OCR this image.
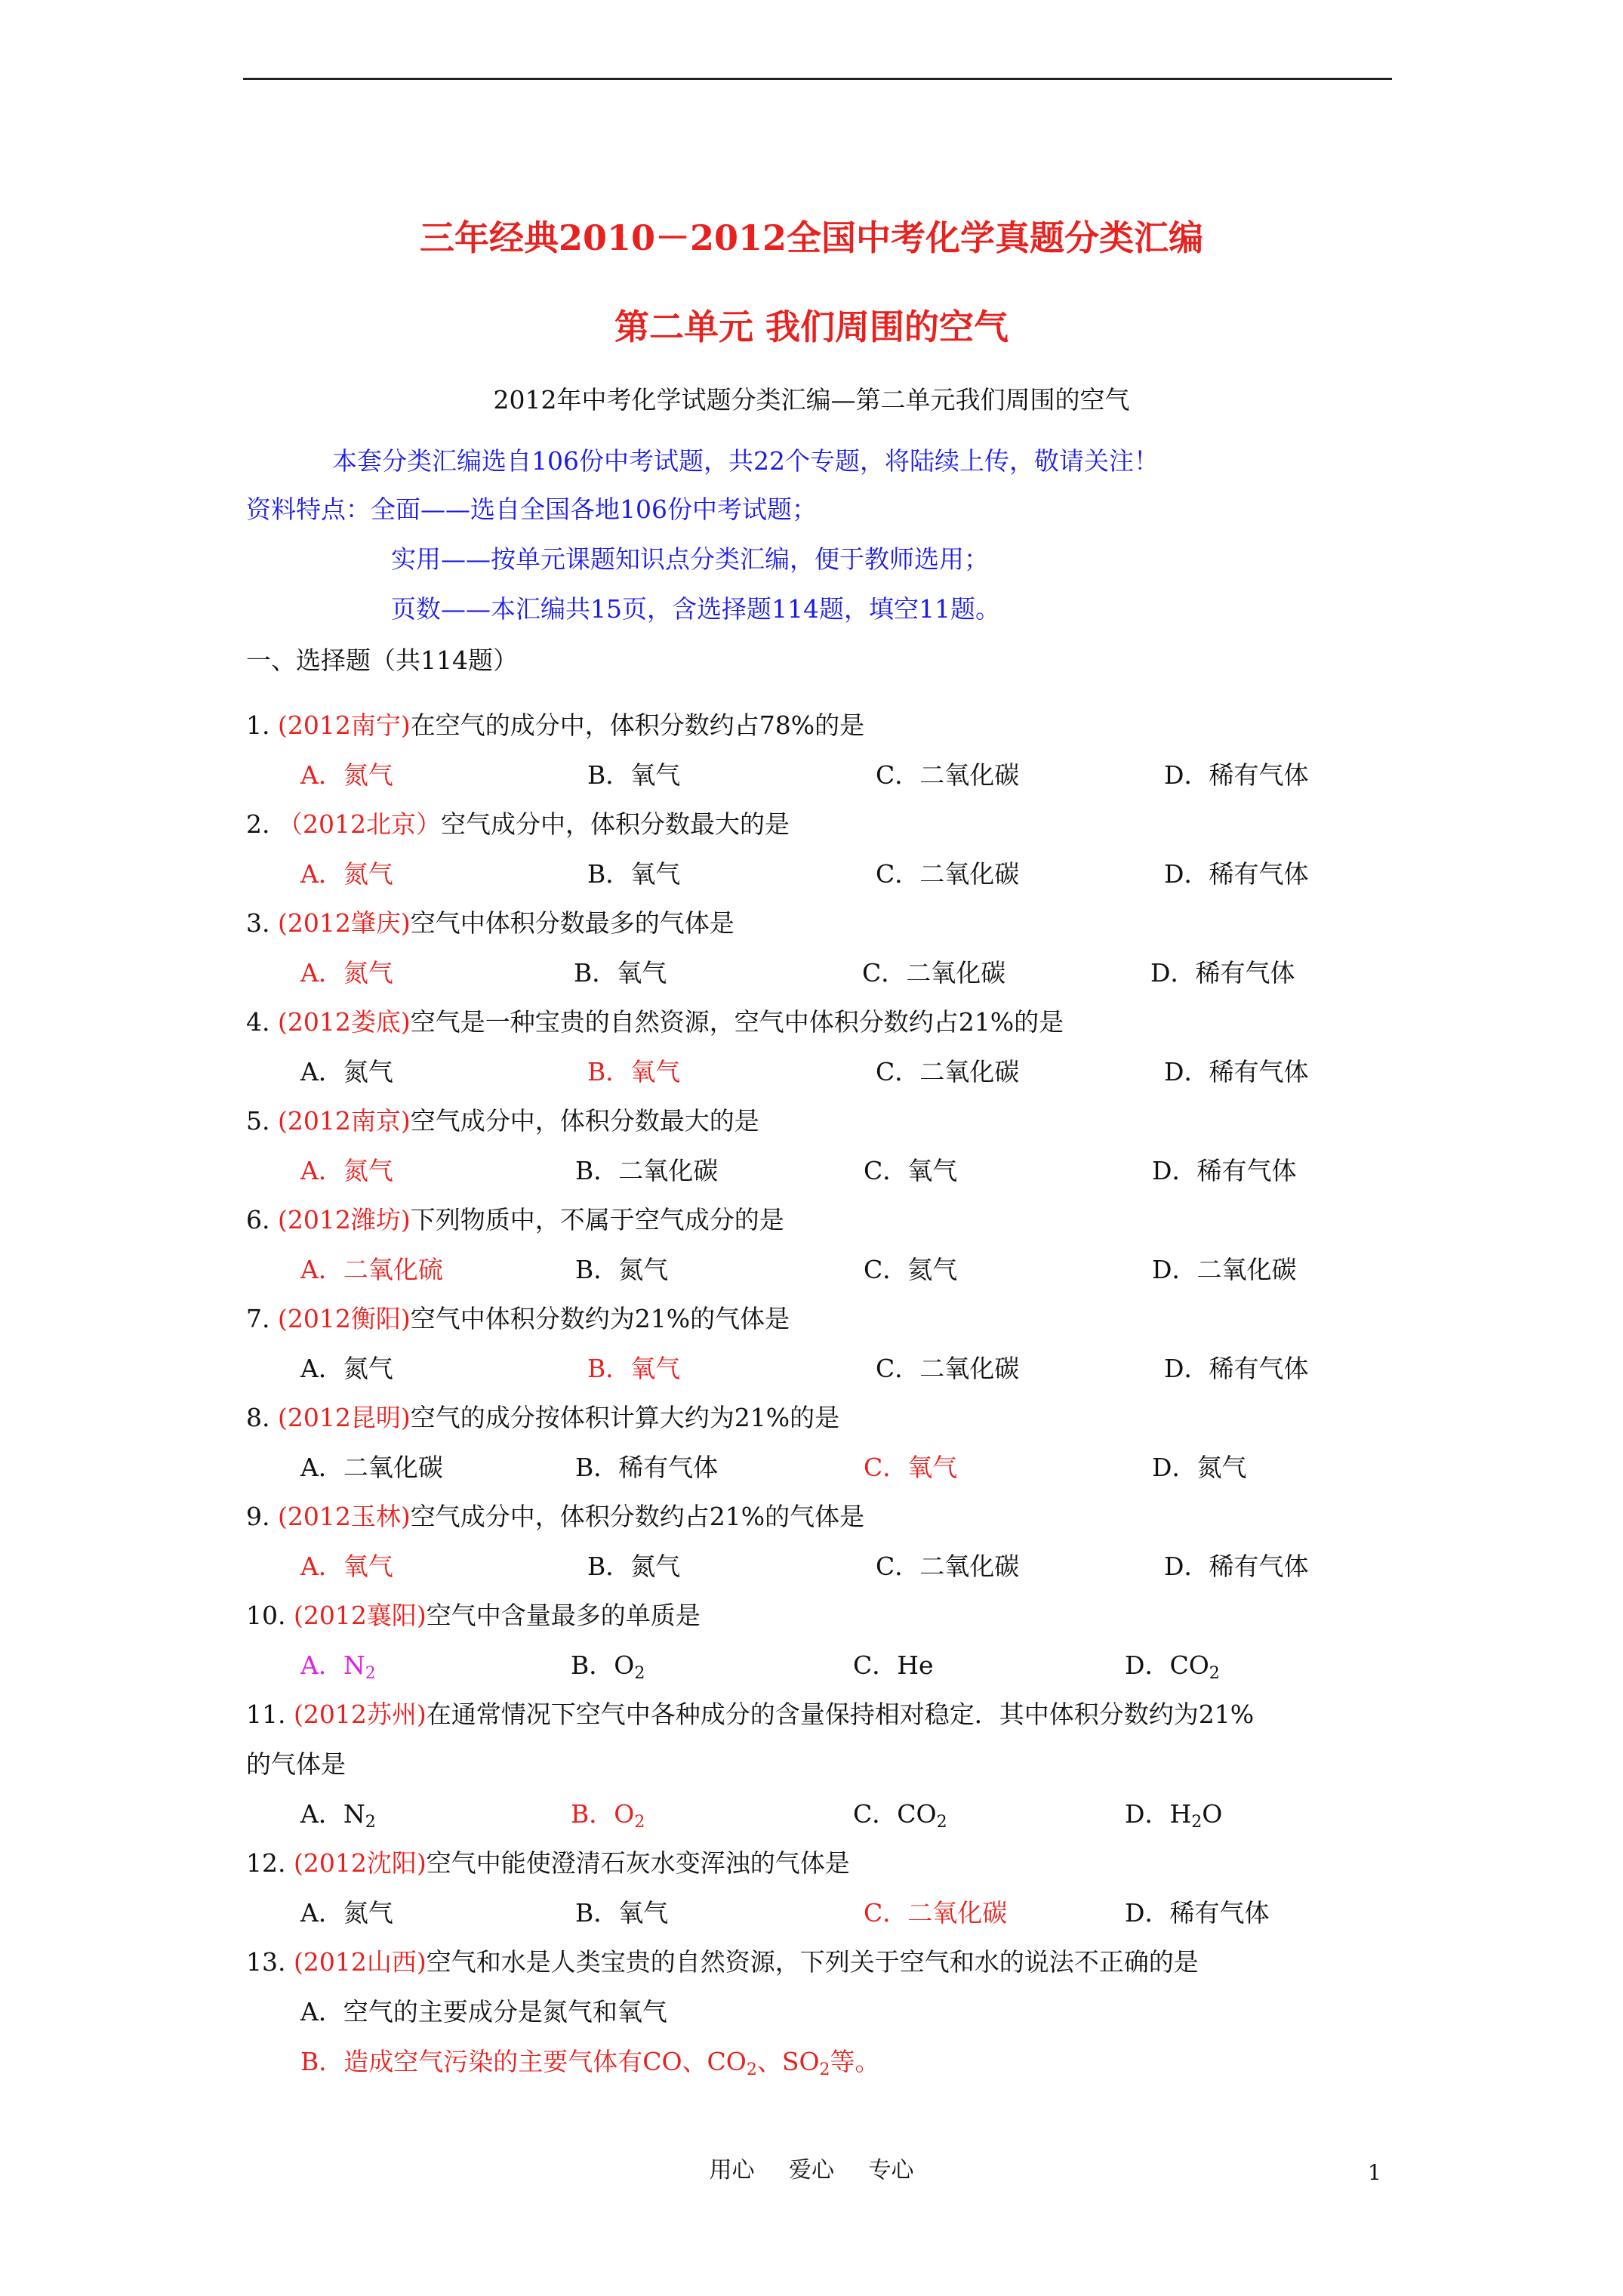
三年经典2010－2012全国中考化学真题分类汇编
第二单元 我们周围的空气
2012年中考化学试题分类汇编—第二单元我们周围的空气
本套分类汇编选自106份中考试题，共22个专题，将陆续上传，敬请关注！
资料特点：全面——选自全国各地106份中考试题；
实用——按单元课题知识点分类汇编，便于教师选用；
页数——本汇编共15页，含选择题114题，填空11题。
一、选择题（共114题）
1. (2012南宁)在空气的成分中，体积分数约占78%的是
A．氮气	B．氧气	C．二氧化碳	D．稀有气体
2. （2012北京）空气成分中，体积分数最大的是
A．氮气	B．氧气	C．二氧化碳	D．稀有气体
3. (2012肇庆)空气中体积分数最多的气体是
A．氮气	B．氧气	C．二氧化碳	D．稀有气体
4. (2012娄底)空气是一种宝贵的自然资源，空气中体积分数约占21%的是
A．氮气	B．氧气	C．二氧化碳	D．稀有气体
5. (2012南京)空气成分中，体积分数最大的是
A．氮气	B．二氧化碳	C．氧气	D．稀有气体
6. (2012潍坊)下列物质中，不属于空气成分的是
A．二氧化硫	B．氮气	C．氦气	D．二氧化碳
7. (2012衡阳)空气中体积分数约为21%的气体是
A．氮气	B．氧气	C．二氧化碳	D．稀有气体
8. (2012昆明)空气的成分按体积计算大约为21%的是
A．二氧化碳	B．稀有气体	C．氧气	D．氮气
9. (2012玉林)空气成分中，体积分数约占21%的气体是
A．氧气	B．氮气	C．二氧化碳	D．稀有气体
10. (2012襄阳)空气中含量最多的单质是
A．$N_2$	B．$O_2$	C．He	D．$CO_2$
11. (2012苏州)在通常情况下空气中各种成分的含量保持相对稳定．其中体积分数约为21%
的气体是
A．$N_2$	B．$O_2$	C．$CO_2$	D．$H_2O$
12. (2012沈阳)空气中能使澄清石灰水变浑浊的气体是
A．氮气	B．氧气	C．二氧化碳	D．稀有气体
13. (2012山西)空气和水是人类宝贵的自然资源，下列关于空气和水的说法不正确的是
A．空气的主要成分是氮气和氧气
B．造成空气污染的主要气体有CO、$CO_2$、$SO_2$等。
用心 爱心 专心	1
